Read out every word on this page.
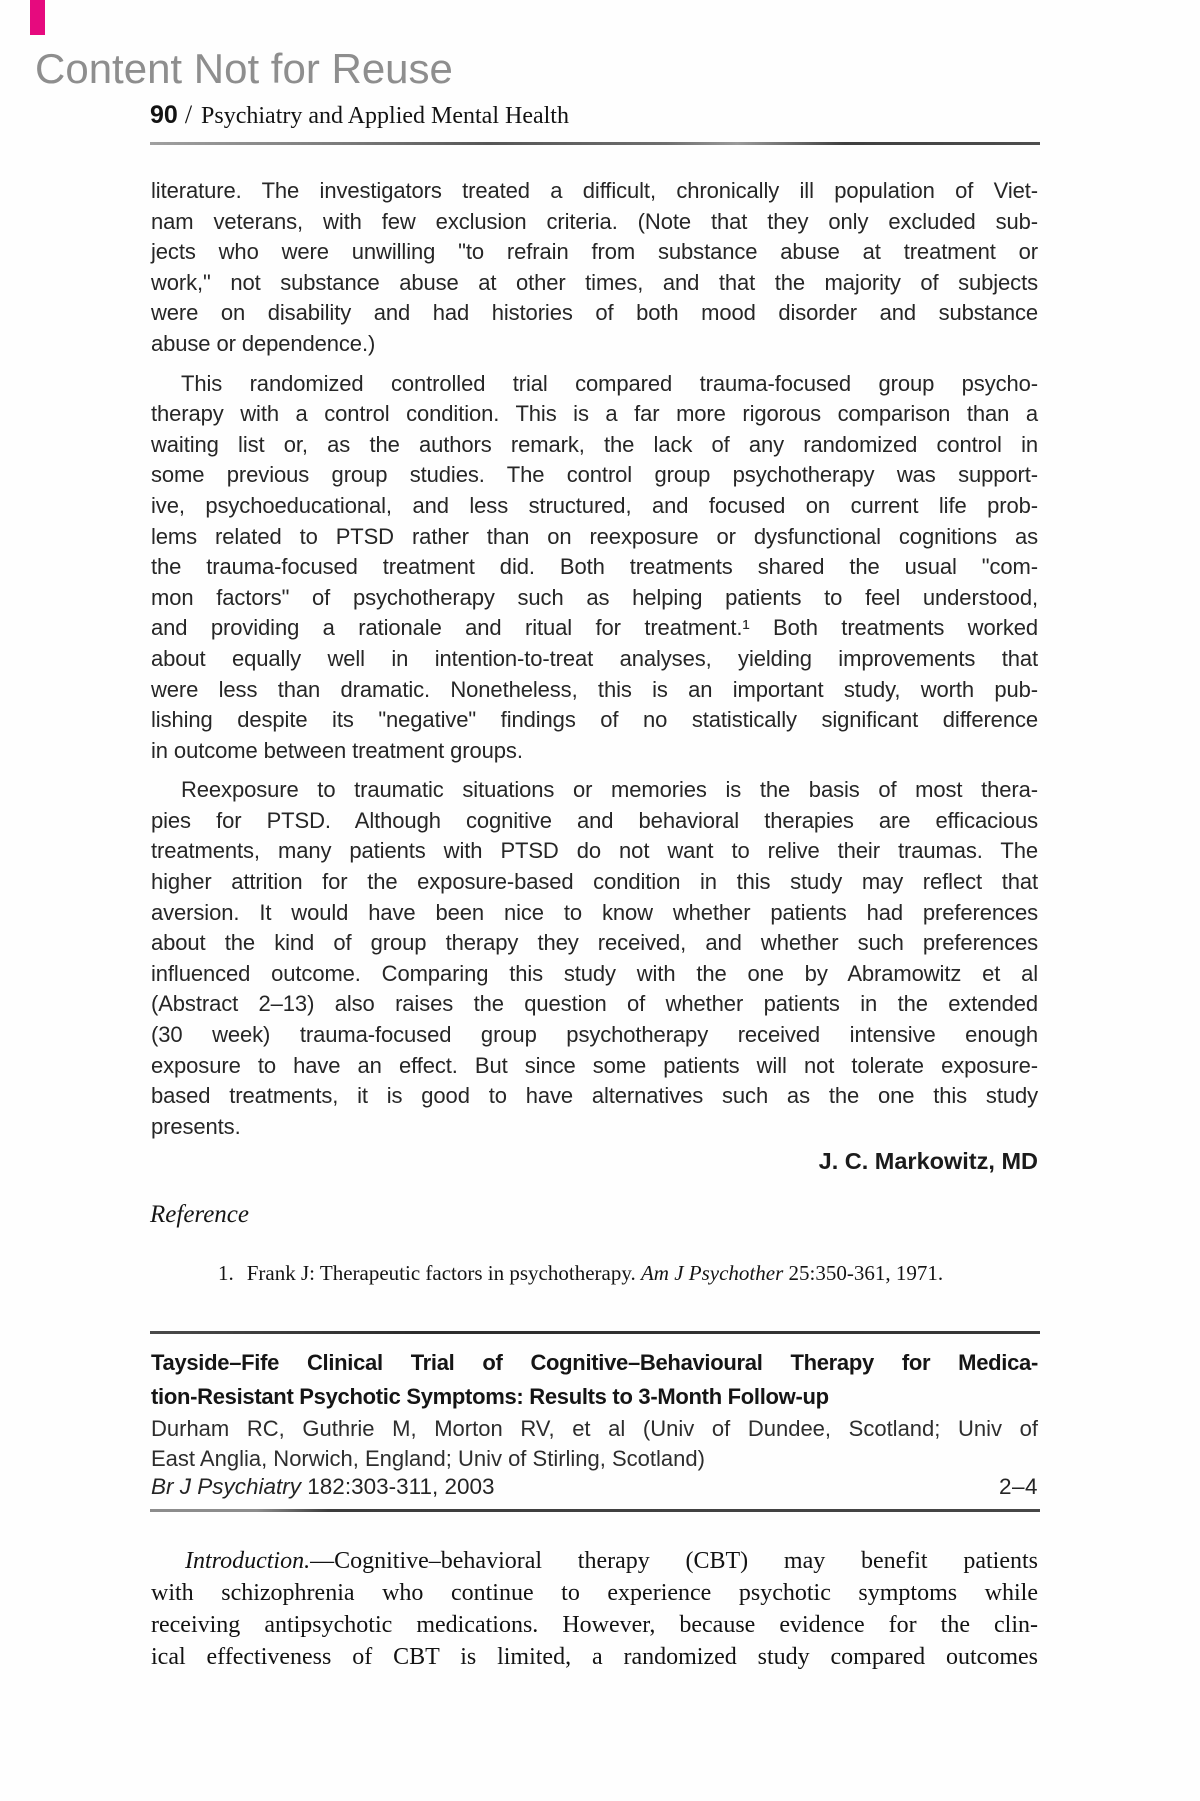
Content Not for Reuse
90 / Psychiatry and Applied Mental Health
literature. The investigators treated a difficult, chronically ill population of Viet-
nam veterans, with few exclusion criteria. (Note that they only excluded sub-
jects who were unwilling "to refrain from substance abuse at treatment or
work," not substance abuse at other times, and that the majority of subjects
were on disability and had histories of both mood disorder and substance
abuse or dependence.)
This randomized controlled trial compared trauma-focused group psycho-
therapy with a control condition. This is a far more rigorous comparison than a
waiting list or, as the authors remark, the lack of any randomized control in
some previous group studies. The control group psychotherapy was support-
ive, psychoeducational, and less structured, and focused on current life prob-
lems related to PTSD rather than on reexposure or dysfunctional cognitions as
the trauma-focused treatment did. Both treatments shared the usual "com-
mon factors" of psychotherapy such as helping patients to feel understood,
and providing a rationale and ritual for treatment.¹ Both treatments worked
about equally well in intention-to-treat analyses, yielding improvements that
were less than dramatic. Nonetheless, this is an important study, worth pub-
lishing despite its "negative" findings of no statistically significant difference
in outcome between treatment groups.
Reexposure to traumatic situations or memories is the basis of most thera-
pies for PTSD. Although cognitive and behavioral therapies are efficacious
treatments, many patients with PTSD do not want to relive their traumas. The
higher attrition for the exposure-based condition in this study may reflect that
aversion. It would have been nice to know whether patients had preferences
about the kind of group therapy they received, and whether such preferences
influenced outcome. Comparing this study with the one by Abramowitz et al
(Abstract 2–13) also raises the question of whether patients in the extended
(30 week) trauma-focused group psychotherapy received intensive enough
exposure to have an effect. But since some patients will not tolerate exposure-
based treatments, it is good to have alternatives such as the one this study
presents.
J. C. Markowitz, MD
Reference
1. Frank J: Therapeutic factors in psychotherapy. Am J Psychother 25:350-361, 1971.
Tayside–Fife Clinical Trial of Cognitive–Behavioural Therapy for Medica-
tion-Resistant Psychotic Symptoms: Results to 3-Month Follow-up
Durham RC, Guthrie M, Morton RV, et al (Univ of Dundee, Scotland; Univ of
East Anglia, Norwich, England; Univ of Stirling, Scotland)
Br J Psychiatry 182:303-311, 2003	2–4
Introduction.—Cognitive–behavioral therapy (CBT) may benefit patients
with schizophrenia who continue to experience psychotic symptoms while
receiving antipsychotic medications. However, because evidence for the clin-
ical effectiveness of CBT is limited, a randomized study compared outcomes
